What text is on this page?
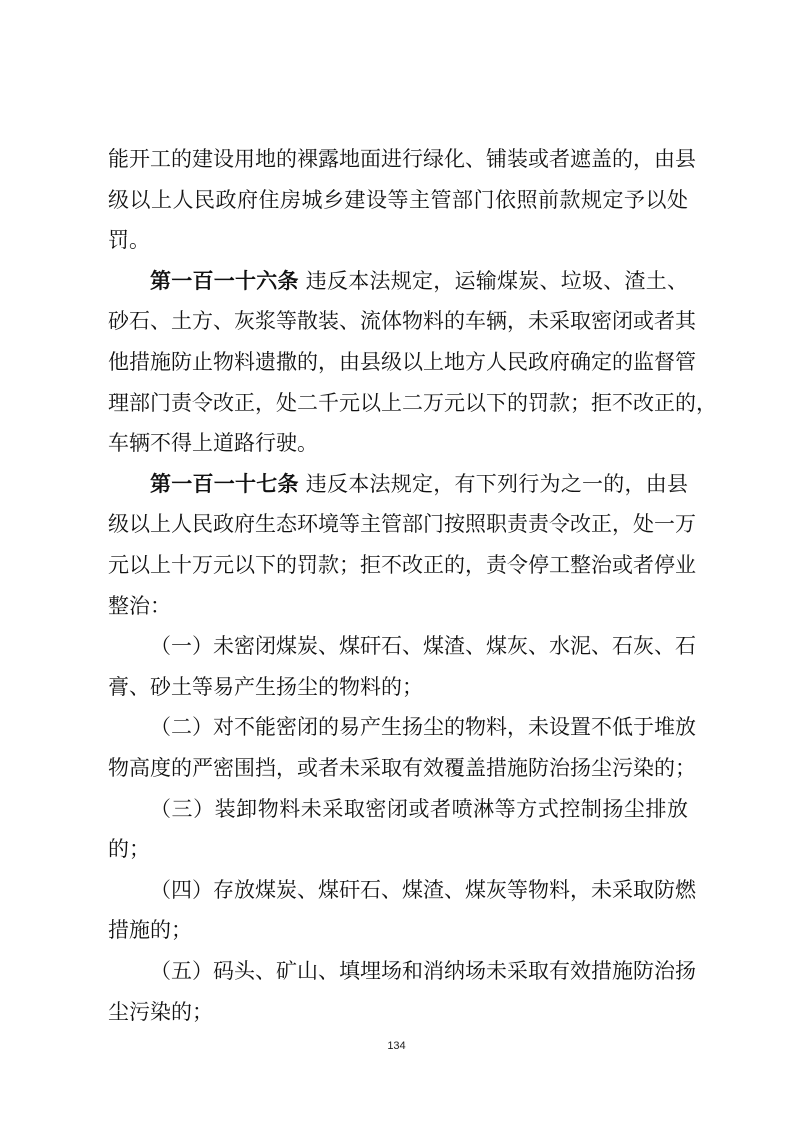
能开工的建设用地的裸露地面进行绿化、铺装或者遮盖的，由县
级以上人民政府住房城乡建设等主管部门依照前款规定予以处
罚。
第一百一十六条 违反本法规定，运输煤炭、垃圾、渣土、
砂石、土方、灰浆等散装、流体物料的车辆，未采取密闭或者其
他措施防止物料遗撒的，由县级以上地方人民政府确定的监督管
理部门责令改正，处二千元以上二万元以下的罚款；拒不改正的，
车辆不得上道路行驶。
第一百一十七条 违反本法规定，有下列行为之一的，由县
级以上人民政府生态环境等主管部门按照职责责令改正，处一万
元以上十万元以下的罚款；拒不改正的，责令停工整治或者停业
整治：
（一）未密闭煤炭、煤矸石、煤渣、煤灰、水泥、石灰、石
膏、砂土等易产生扬尘的物料的；
（二）对不能密闭的易产生扬尘的物料，未设置不低于堆放
物高度的严密围挡，或者未采取有效覆盖措施防治扬尘污染的；
（三）装卸物料未采取密闭或者喷淋等方式控制扬尘排放
的；
（四）存放煤炭、煤矸石、煤渣、煤灰等物料，未采取防燃
措施的；
（五）码头、矿山、填埋场和消纳场未采取有效措施防治扬
134
尘污染的；
